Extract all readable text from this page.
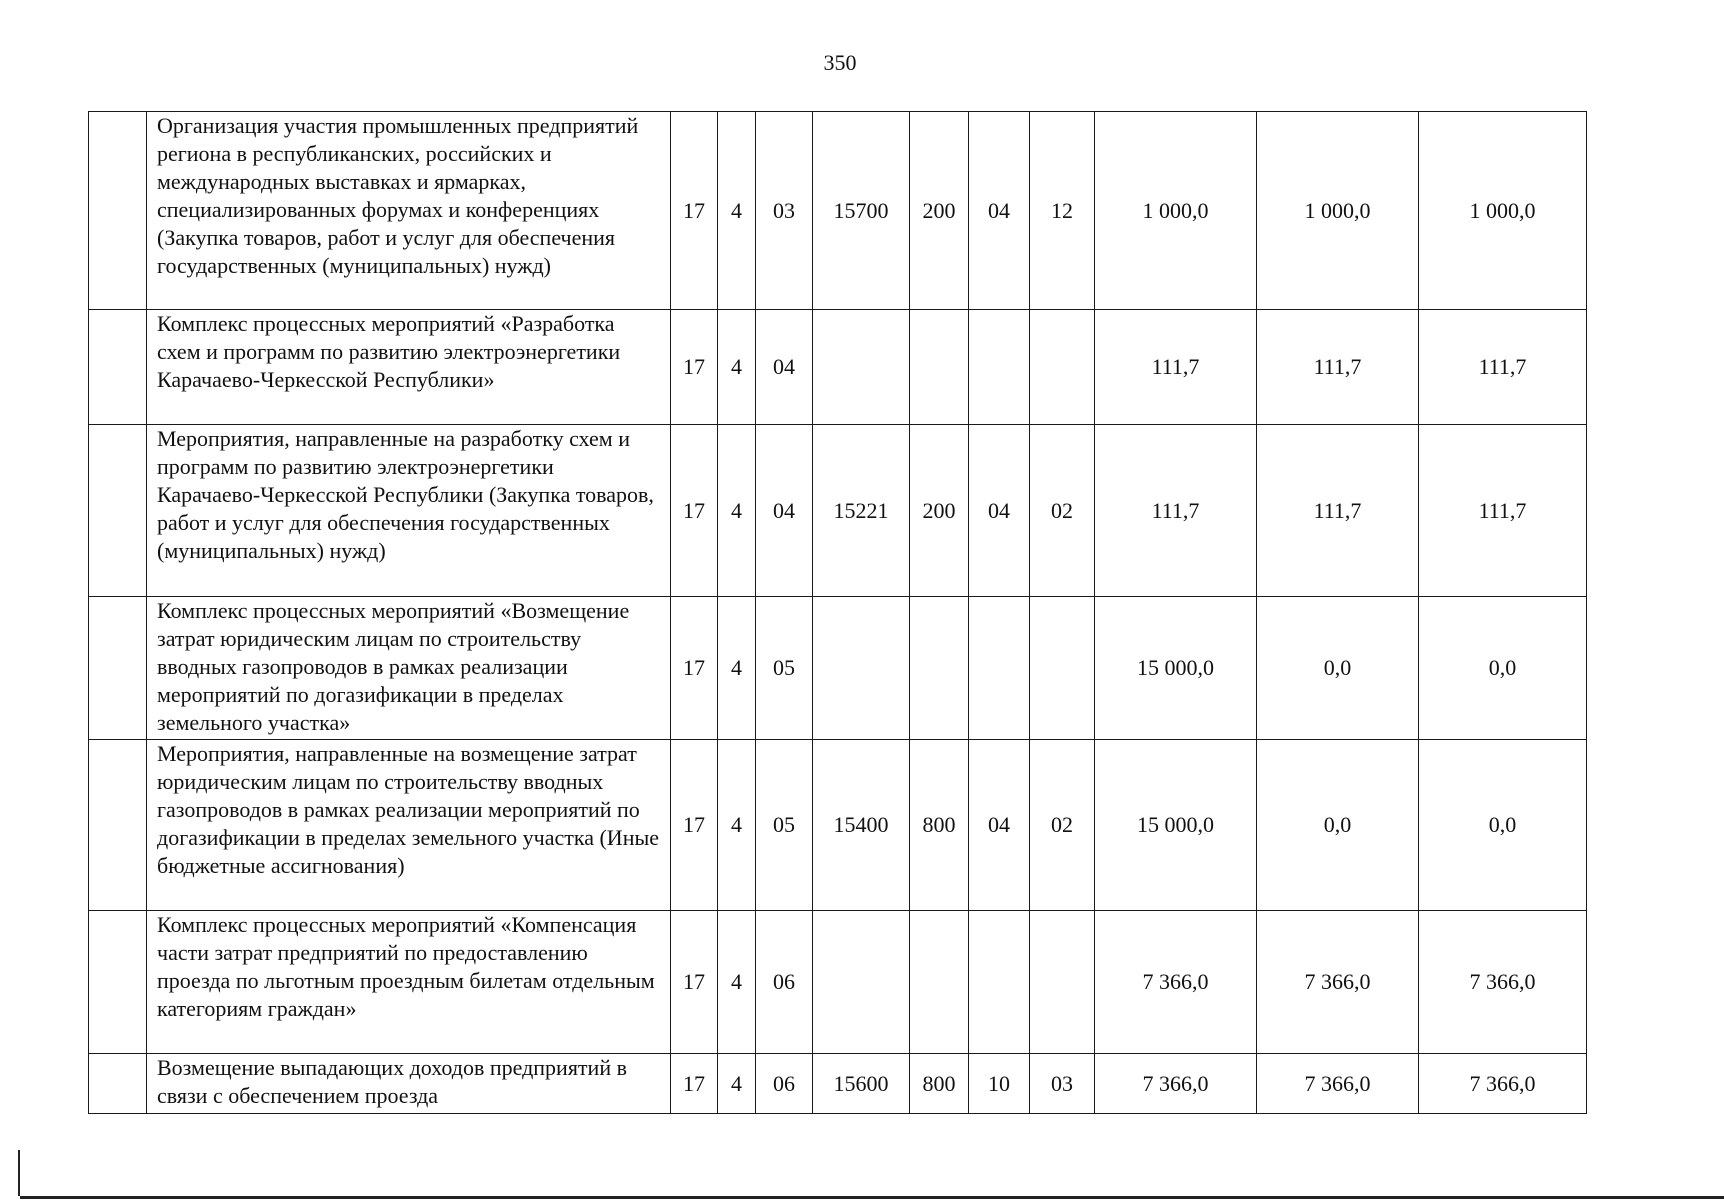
350
	Организация участия промышленных предприятий региона в республиканских, российских и международных выставках и ярмарках, специализированных форумах и конференциях (Закупка товаров, работ и услуг для обеспечения государственных (муниципальных) нужд)	17	4	03	15700	200	04	12	1 000,0	1 000,0	1 000,0
	Комплекс процессных мероприятий «Разработка схем и программ по развитию электроэнергетики Карачаево-Черкесской Республики»	17	4	04					111,7	111,7	111,7
	Мероприятия, направленные на разработку схем и программ по развитию электроэнергетики Карачаево-Черкесской Республики (Закупка товаров, работ и услуг для обеспечения государственных (муниципальных) нужд)	17	4	04	15221	200	04	02	111,7	111,7	111,7
	Комплекс процессных мероприятий «Возмещение затрат юридическим лицам по строительству вводных газопроводов в рамках реализации мероприятий по догазификации в пределах земельного участка»	17	4	05					15 000,0	0,0	0,0
	Мероприятия, направленные на возмещение затрат юридическим лицам по строительству вводных газопроводов в рамках реализации мероприятий по догазификации в пределах земельного участка (Иные бюджетные ассигнования)	17	4	05	15400	800	04	02	15 000,0	0,0	0,0
	Комплекс процессных мероприятий «Компенсация части затрат предприятий по предоставлению проезда по льготным проездным билетам отдельным категориям граждан»	17	4	06					7 366,0	7 366,0	7 366,0
	Возмещение выпадающих доходов предприятий в связи с обеспечением проезда	17	4	06	15600	800	10	03	7 366,0	7 366,0	7 366,0
